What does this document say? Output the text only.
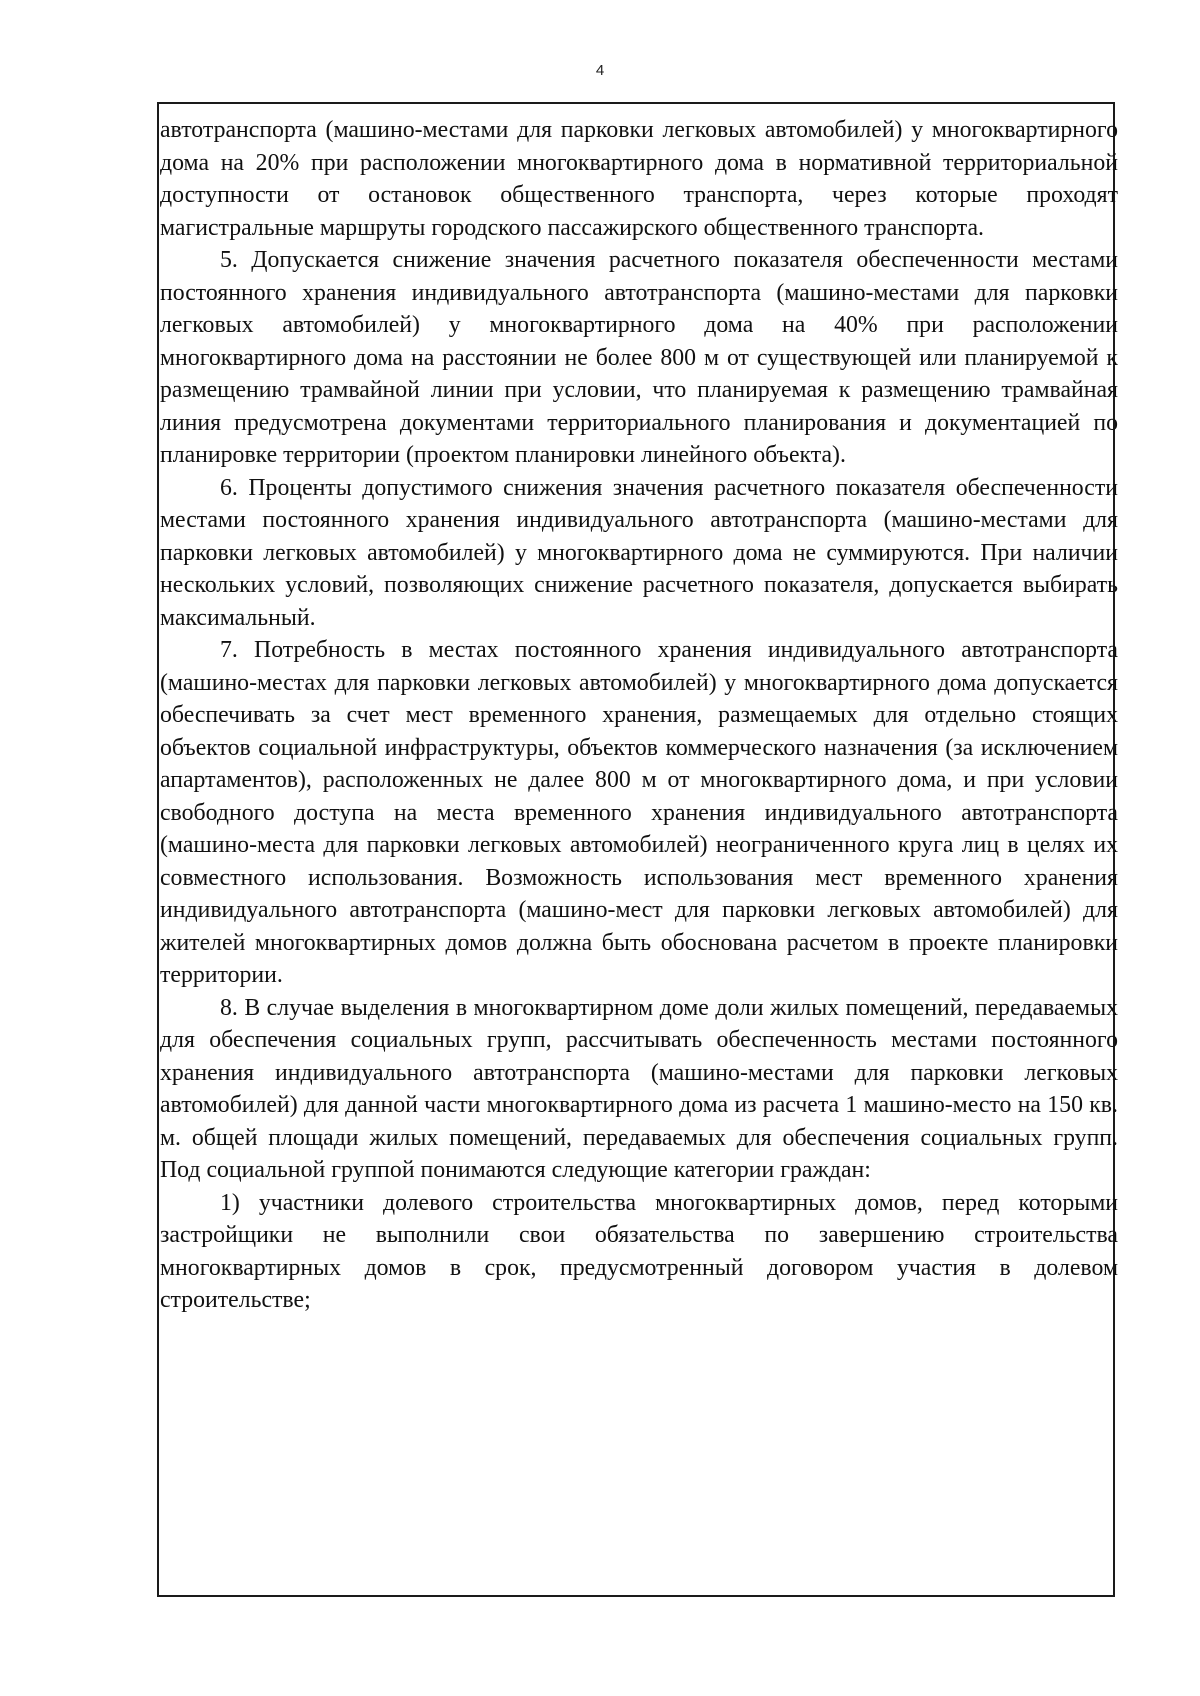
4

автотранспорта (машино-местами для парковки легковых автомобилей) у многоквартирного дома на 20% при расположении многоквартирного дома в нормативной территориальной доступности от остановок общественного транспорта, через которые проходят магистральные маршруты городского пассажирского общественного транспорта.

5. Допускается снижение значения расчетного показателя обеспеченности местами постоянного хранения индивидуального автотранспорта (машино-местами для парковки легковых автомобилей) у многоквартирного дома на 40% при расположении многоквартирного дома на расстоянии не более 800 м от существующей или планируемой к размещению трамвайной линии при условии, что планируемая к размещению трамвайная линия предусмотрена документами территориального планирования и документацией по планировке территории (проектом планировки линейного объекта).

6. Проценты допустимого снижения значения расчетного показателя обеспеченности местами постоянного хранения индивидуального автотранспорта (машино-местами для парковки легковых автомобилей) у многоквартирного дома не суммируются. При наличии нескольких условий, позволяющих снижение расчетного показателя, допускается выбирать максимальный.

7. Потребность в местах постоянного хранения индивидуального автотранспорта (машино-местах для парковки легковых автомобилей) у многоквартирного дома допускается обеспечивать за счет мест временного хранения, размещаемых для отдельно стоящих объектов социальной инфраструктуры, объектов коммерческого назначения (за исключением апартаментов), расположенных не далее 800 м от многоквартирного дома, и при условии свободного доступа на места временного хранения индивидуального автотранспорта (машино-места для парковки легковых автомобилей) неограниченного круга лиц в целях их совместного использования. Возможность использования мест временного хранения индивидуального автотранспорта (машино-мест для парковки легковых автомобилей) для жителей многоквартирных домов должна быть обоснована расчетом в проекте планировки территории.

8. В случае выделения в многоквартирном доме доли жилых помещений, передаваемых для обеспечения социальных групп, рассчитывать обеспеченность местами постоянного хранения индивидуального автотранспорта (машино-местами для парковки легковых автомобилей) для данной части многоквартирного дома из расчета 1 машино-место на 150 кв. м. общей площади жилых помещений, передаваемых для обеспечения социальных групп. Под социальной группой понимаются следующие категории граждан:

1) участники долевого строительства многоквартирных домов, перед которыми застройщики не выполнили свои обязательства по завершению строительства многоквартирных домов в срок, предусмотренный договором участия в долевом строительстве;
